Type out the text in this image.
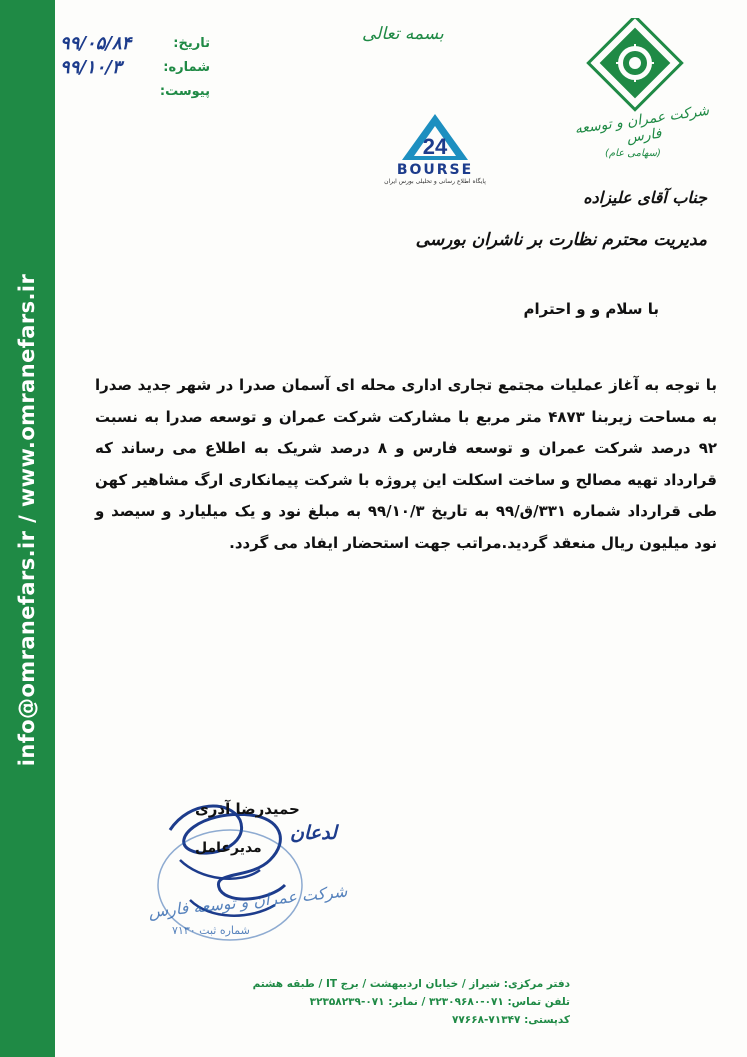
info@omranefars.ir / www.omranefars.ir
تاریخ:
۹۹/۰۵/۸۴
شماره:
۹۹/۱۰/۳
پیوست:
بسمه تعالی
24
BOURSE
پایگاه اطلاع رسانی و تحلیلی بورس ایران
شرکت عمران و توسعه فارس
(سهامی عام)
جناب آقای علیزاده
مدیریت محترم نظارت بر ناشران بورسی
با سلام و و احترام
با توجه به آغاز عملیات مجتمع تجاری اداری محله ای آسمان صدرا در شهر جدید صدرا به مساحت زیربنا ۴۸۷۳ متر مربع با مشارکت شرکت عمران و توسعه صدرا به نسبت ۹۲ درصد شرکت عمران و توسعه فارس و ۸ درصد شریک به اطلاع می رساند که قرارداد تهیه مصالح و ساخت اسکلت این پروژه با شرکت پیمانکاری ارگ مشاهیر کهن طی قرارداد شماره ۳۳۱/ق/۹۹ به تاریخ ۹۹/۱۰/۳ به مبلغ نود و یک میلیارد و سیصد و نود میلیون ریال منعقد گردید.مراتب جهت استحضار ایفاد می گردد.
حمیدرضا آذری
مدیرعامل
لدعان
شرکت عمران و توسعه فارس
شماره ثبت ۷۱۳۰
دفتر مرکزی: شیراز / خیابان اردیبهشت / برج IT / طبقه هشتم
تلفن تماس: ۰۷۱-۳۲۳۰۹۶۸۰ / نمابر: ۰۷۱-۳۲۳۵۸۲۳۹
کدپستی: ۷۱۳۴۷-۷۷۶۶۸
